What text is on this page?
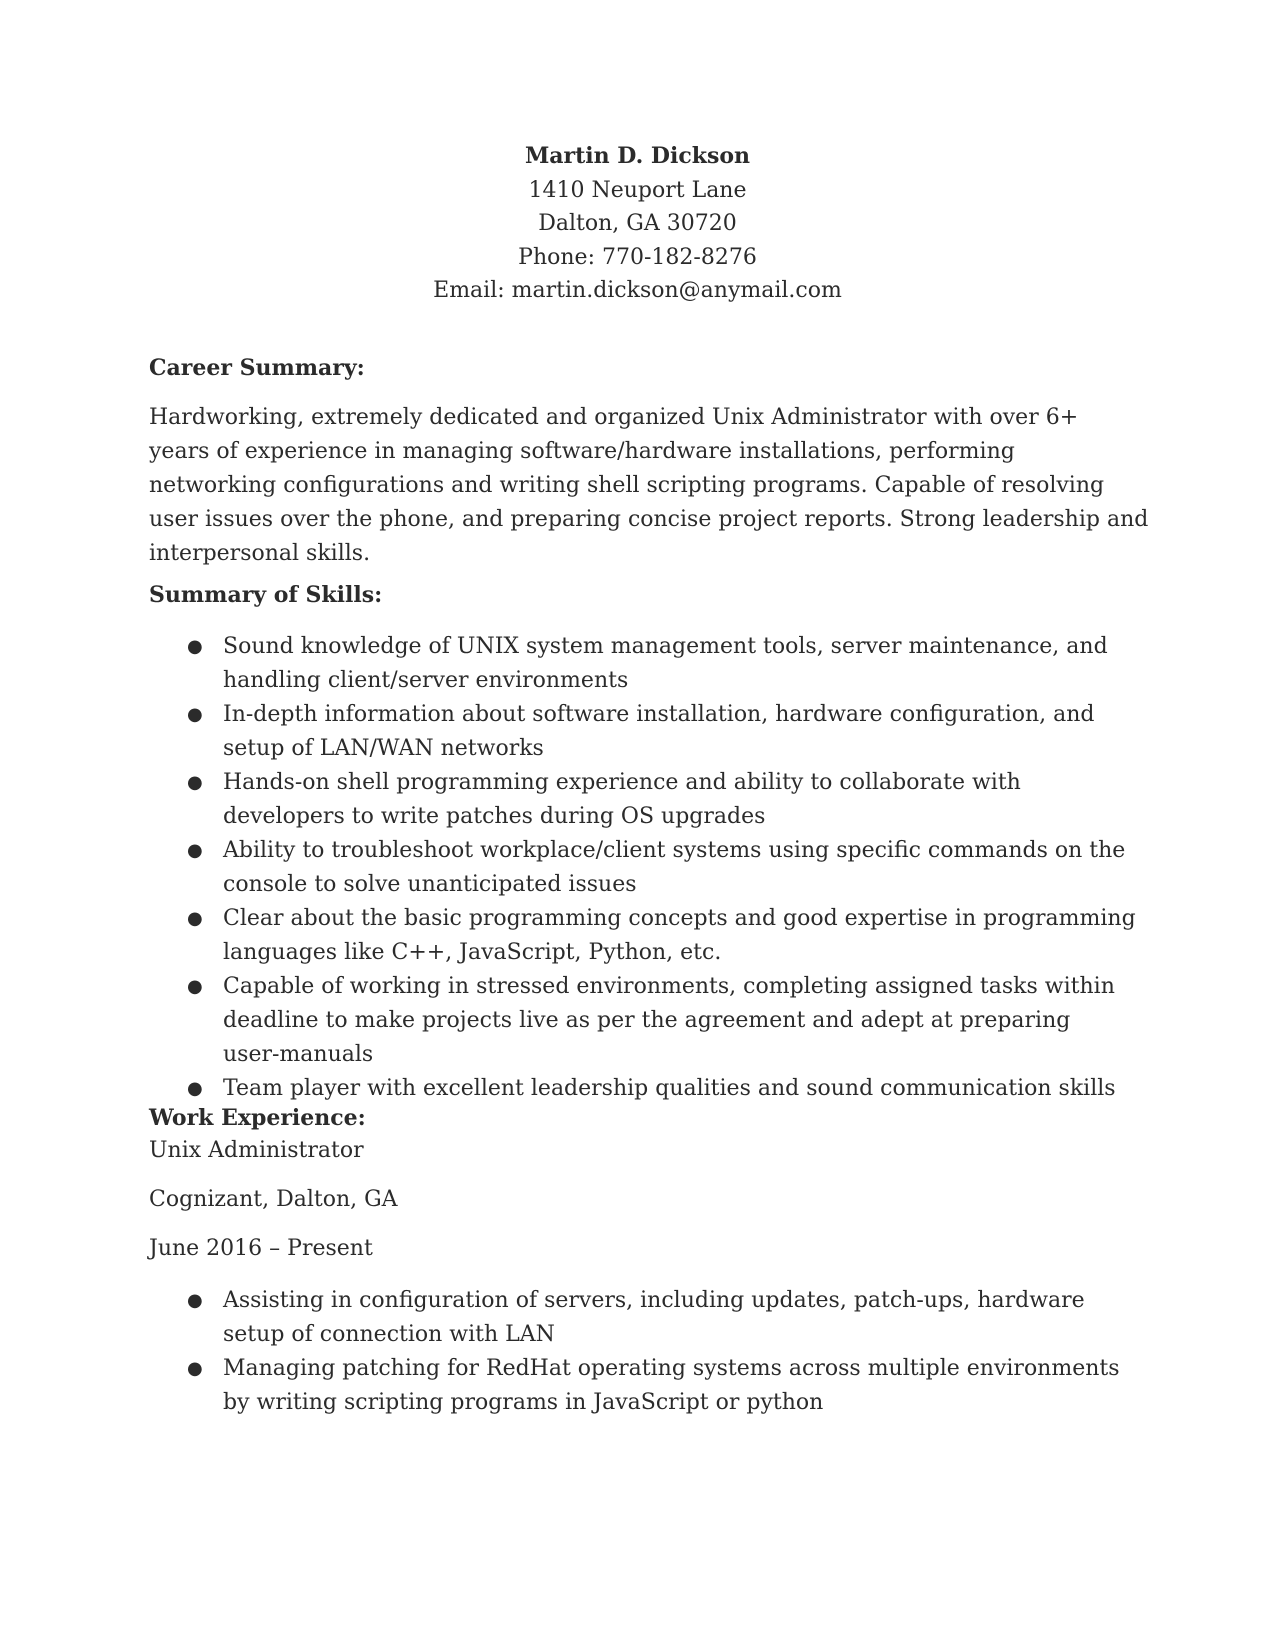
Martin D. Dickson
1410 Neuport Lane
Dalton, GA 30720
Phone: 770-182-8276
Email: martin.dickson@anymail.com
Career Summary:
Hardworking, extremely dedicated and organized Unix Administrator with over 6+
years of experience in managing software/hardware installations, performing
networking configurations and writing shell scripting programs. Capable of resolving
user issues over the phone, and preparing concise project reports. Strong leadership and
interpersonal skills.
Summary of Skills:
● Sound knowledge of UNIX system management tools, server maintenance, and
handling client/server environments
● In-depth information about software installation, hardware configuration, and
setup of LAN/WAN networks
● Hands-on shell programming experience and ability to collaborate with
developers to write patches during OS upgrades
● Ability to troubleshoot workplace/client systems using specific commands on the
console to solve unanticipated issues
● Clear about the basic programming concepts and good expertise in programming
languages like C++, JavaScript, Python, etc.
● Capable of working in stressed environments, completing assigned tasks within
deadline to make projects live as per the agreement and adept at preparing
user-manuals
● Team player with excellent leadership qualities and sound communication skills
Work Experience:
Unix Administrator
Cognizant, Dalton, GA
June 2016 – Present
● Assisting in configuration of servers, including updates, patch-ups, hardware
setup of connection with LAN
● Managing patching for RedHat operating systems across multiple environments
by writing scripting programs in JavaScript or python
